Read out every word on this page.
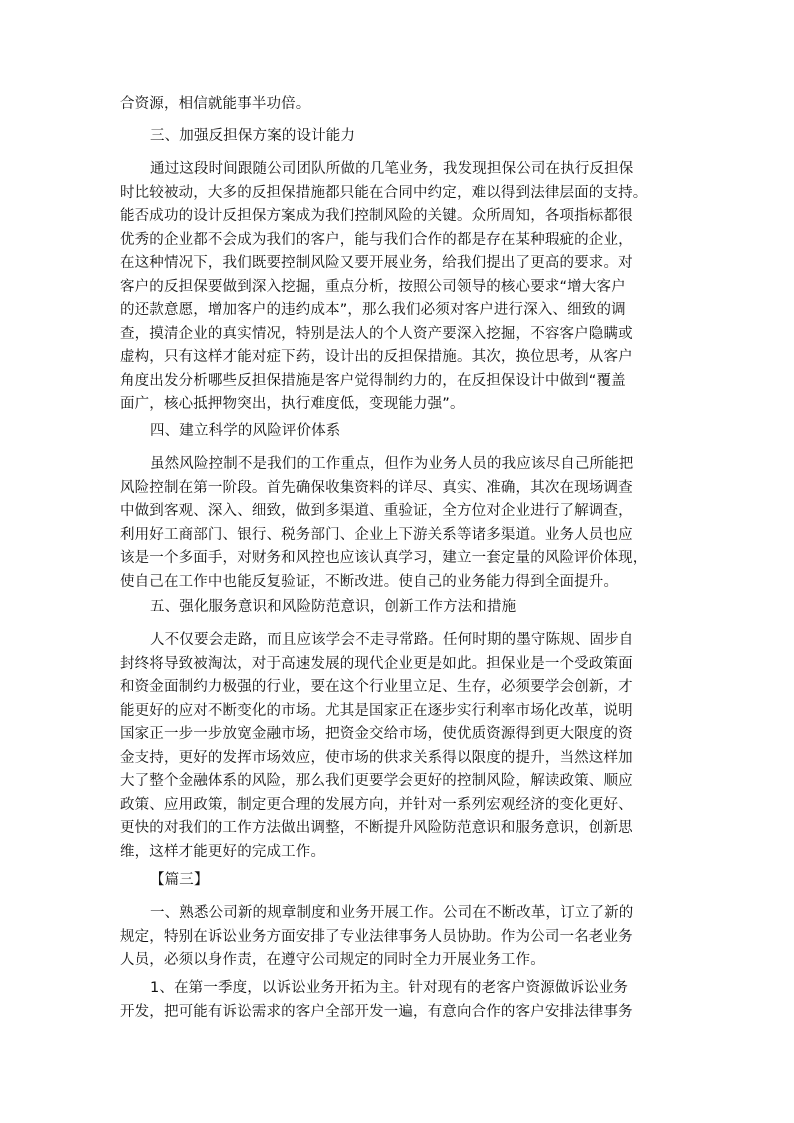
合资源，相信就能事半功倍。
三、加强反担保方案的设计能力
通过这段时间跟随公司团队所做的几笔业务，我发现担保公司在执行反担保
时比较被动，大多的反担保措施都只能在合同中约定，难以得到法律层面的支持。
能否成功的设计反担保方案成为我们控制风险的关键。众所周知，各项指标都很
优秀的企业都不会成为我们的客户，能与我们合作的都是存在某种瑕疵的企业，
在这种情况下，我们既要控制风险又要开展业务，给我们提出了更高的要求。对
客户的反担保要做到深入挖掘，重点分析，按照公司领导的核心要求“增大客户
的还款意愿，增加客户的违约成本”，那么我们必须对客户进行深入、细致的调
查，摸清企业的真实情况，特别是法人的个人资产要深入挖掘，不容客户隐瞒或
虚构，只有这样才能对症下药，设计出的反担保措施。其次，换位思考，从客户
角度出发分析哪些反担保措施是客户觉得制约力的，在反担保设计中做到“覆盖
面广，核心抵押物突出，执行难度低，变现能力强”。
四、建立科学的风险评价体系
虽然风险控制不是我们的工作重点，但作为业务人员的我应该尽自己所能把
风险控制在第一阶段。首先确保收集资料的详尽、真实、准确，其次在现场调查
中做到客观、深入、细致，做到多渠道、重验证，全方位对企业进行了解调查，
利用好工商部门、银行、税务部门、企业上下游关系等诸多渠道。业务人员也应
该是一个多面手，对财务和风控也应该认真学习，建立一套定量的风险评价体现，
使自己在工作中也能反复验证，不断改进。使自己的业务能力得到全面提升。
五、强化服务意识和风险防范意识，创新工作方法和措施
人不仅要会走路，而且应该学会不走寻常路。任何时期的墨守陈规、固步自
封终将导致被淘汰，对于高速发展的现代企业更是如此。担保业是一个受政策面
和资金面制约力极强的行业，要在这个行业里立足、生存，必须要学会创新，才
能更好的应对不断变化的市场。尤其是国家正在逐步实行利率市场化改革，说明
国家正一步一步放宽金融市场，把资金交给市场，使优质资源得到更大限度的资
金支持，更好的发挥市场效应，使市场的供求关系得以限度的提升，当然这样加
大了整个金融体系的风险，那么我们更要学会更好的控制风险，解读政策、顺应
政策、应用政策，制定更合理的发展方向，并针对一系列宏观经济的变化更好、
更快的对我们的工作方法做出调整，不断提升风险防范意识和服务意识，创新思
维，这样才能更好的完成工作。
【篇三】
一、熟悉公司新的规章制度和业务开展工作。公司在不断改革，订立了新的
规定，特别在诉讼业务方面安排了专业法律事务人员协助。作为公司一名老业务
人员，必须以身作责，在遵守公司规定的同时全力开展业务工作。
1、在第一季度，以诉讼业务开拓为主。针对现有的老客户资源做诉讼业务
开发，把可能有诉讼需求的客户全部开发一遍，有意向合作的客户安排法律事务
